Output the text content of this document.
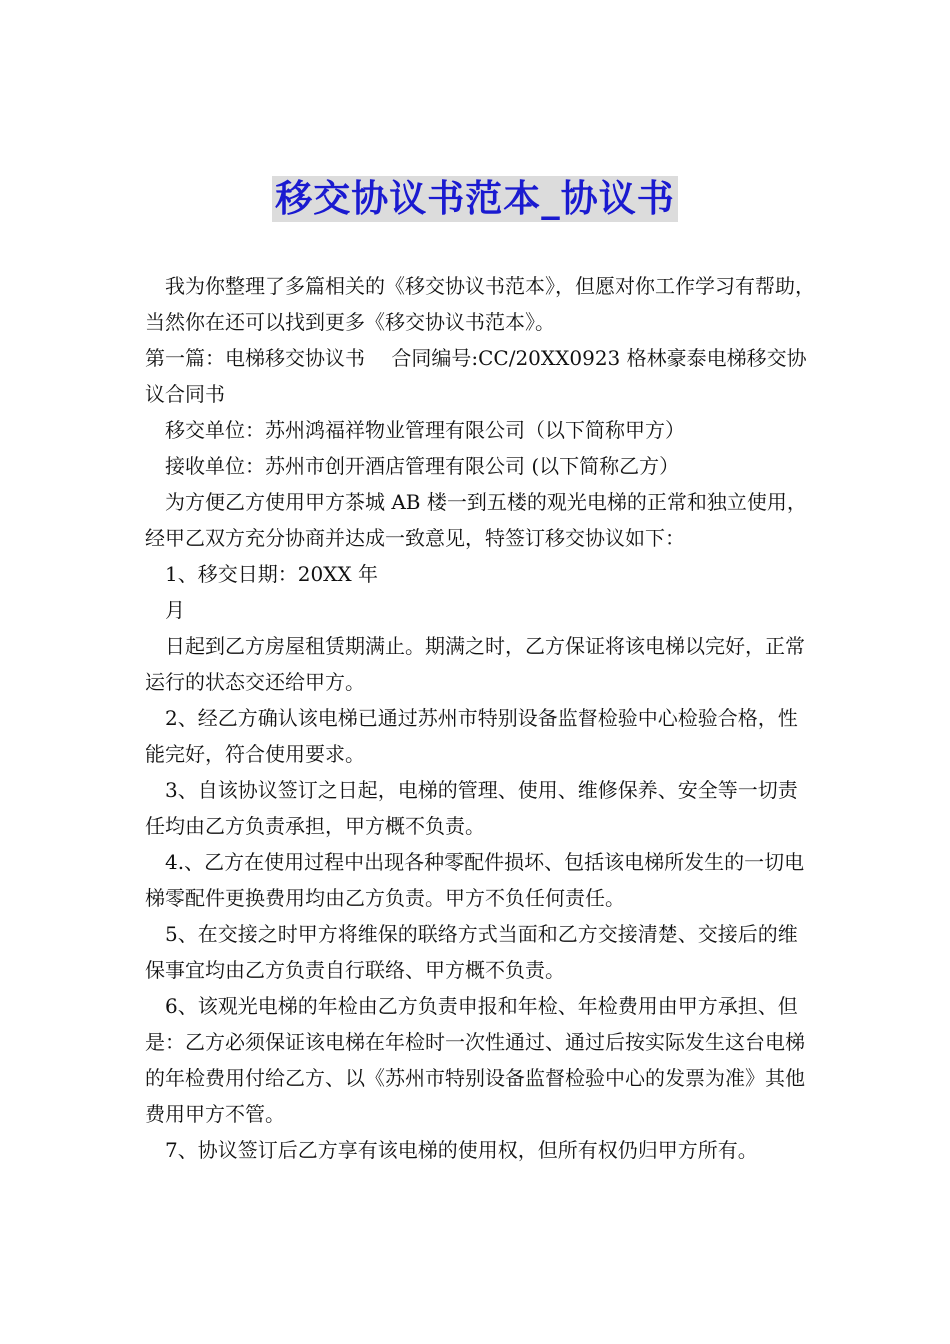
移交协议书范本_协议书

我为你整理了多篇相关的《移交协议书范本》，但愿对你工作学习有帮助，当然你在还可以找到更多《移交协议书范本》。

第一篇：电梯移交协议书　 合同编号:CC/20XX0923 格林豪泰电梯移交协议合同书

移交单位：苏州鸿福祥物业管理有限公司（以下简称甲方）

接收单位：苏州市创开酒店管理有限公司 (以下简称乙方）

为方便乙方使用甲方茶城 AB 楼一到五楼的观光电梯的正常和独立使用，经甲乙双方充分协商并达成一致意见，特签订移交协议如下：

1、移交日期：20XX 年

月

日起到乙方房屋租赁期满止。期满之时，乙方保证将该电梯以完好，正常运行的状态交还给甲方。

2、经乙方确认该电梯已通过苏州市特别设备监督检验中心检验合格，性能完好，符合使用要求。

3、自该协议签订之日起，电梯的管理、使用、维修保养、安全等一切责任均由乙方负责承担，甲方概不负责。

4.、乙方在使用过程中出现各种零配件损坏、包括该电梯所发生的一切电梯零配件更换费用均由乙方负责。甲方不负任何责任。

5、在交接之时甲方将维保的联络方式当面和乙方交接清楚、交接后的维保事宜均由乙方负责自行联络、甲方概不负责。

6、该观光电梯的年检由乙方负责申报和年检、年检费用由甲方承担、但是：乙方必须保证该电梯在年检时一次性通过、通过后按实际发生这台电梯的年检费用付给乙方、以《苏州市特别设备监督检验中心的发票为准》其他费用甲方不管。

7、协议签订后乙方享有该电梯的使用权，但所有权仍归甲方所有。
